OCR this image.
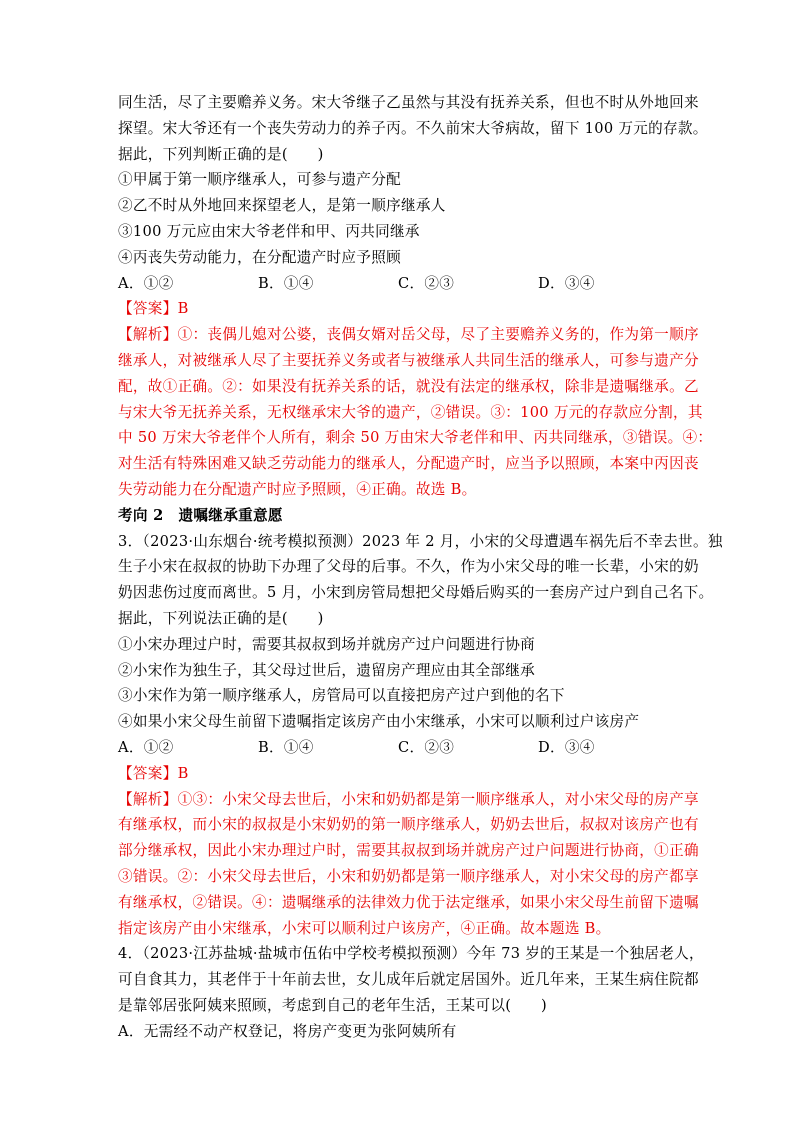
同生活，尽了主要赡养义务。宋大爷继子乙虽然与其没有抚养关系，但也不时从外地回来
探望。宋大爷还有一个丧失劳动力的养子丙。不久前宋大爷病故，留下 100 万元的存款。
据此，下列判断正确的是(　　)
①甲属于第一顺序继承人，可参与遗产分配
②乙不时从外地回来探望老人，是第一顺序继承人
③100 万元应由宋大爷老伴和甲、丙共同继承
④丙丧失劳动能力，在分配遗产时应予照顾
A．①②	B．①④	C．②③	D．③④
【答案】B
【解析】①：丧偶儿媳对公婆，丧偶女婿对岳父母，尽了主要赡养义务的，作为第一顺序
继承人，对被继承人尽了主要抚养义务或者与被继承人共同生活的继承人，可参与遗产分
配，故①正确。②：如果没有抚养关系的话，就没有法定的继承权，除非是遗嘱继承。乙
与宋大爷无抚养关系，无权继承宋大爷的遗产，②错误。③：100 万元的存款应分割，其
中 50 万宋大爷老伴个人所有，剩余 50 万由宋大爷老伴和甲、丙共同继承，③错误。④：
对生活有特殊困难又缺乏劳动能力的继承人，分配遗产时，应当予以照顾，本案中丙因丧
失劳动能力在分配遗产时应予照顾，④正确。故选 B。
考向 2　遗嘱继承重意愿
3．（2023·山东烟台·统考模拟预测）2023 年 2 月，小宋的父母遭遇车祸先后不幸去世。独
生子小宋在叔叔的协助下办理了父母的后事。不久，作为小宋父母的唯一长辈，小宋的奶
奶因悲伤过度而离世。5 月，小宋到房管局想把父母婚后购买的一套房产过户到自己名下。
据此，下列说法正确的是(　　)
①小宋办理过户时，需要其叔叔到场并就房产过户问题进行协商
②小宋作为独生子，其父母过世后，遗留房产理应由其全部继承
③小宋作为第一顺序继承人，房管局可以直接把房产过户到他的名下
④如果小宋父母生前留下遗嘱指定该房产由小宋继承，小宋可以顺利过户该房产
A．①②	B．①④	C．②③	D．③④
【答案】B
【解析】①③：小宋父母去世后，小宋和奶奶都是第一顺序继承人，对小宋父母的房产享
有继承权，而小宋的叔叔是小宋奶奶的第一顺序继承人，奶奶去世后，叔叔对该房产也有
部分继承权，因此小宋办理过户时，需要其叔叔到场并就房产过户问题进行协商，①正确
③错误。②：小宋父母去世后，小宋和奶奶都是第一顺序继承人，对小宋父母的房产都享
有继承权，②错误。④：遗嘱继承的法律效力优于法定继承，如果小宋父母生前留下遗嘱
指定该房产由小宋继承，小宋可以顺利过户该房产，④正确。故本题选 B。
4．（2023·江苏盐城·盐城市伍佑中学校考模拟预测）今年 73 岁的王某是一个独居老人，
可自食其力，其老伴于十年前去世，女儿成年后就定居国外。近几年来，王某生病住院都
是靠邻居张阿姨来照顾，考虑到自己的老年生活，王某可以(　　)
A．无需经不动产权登记，将房产变更为张阿姨所有
